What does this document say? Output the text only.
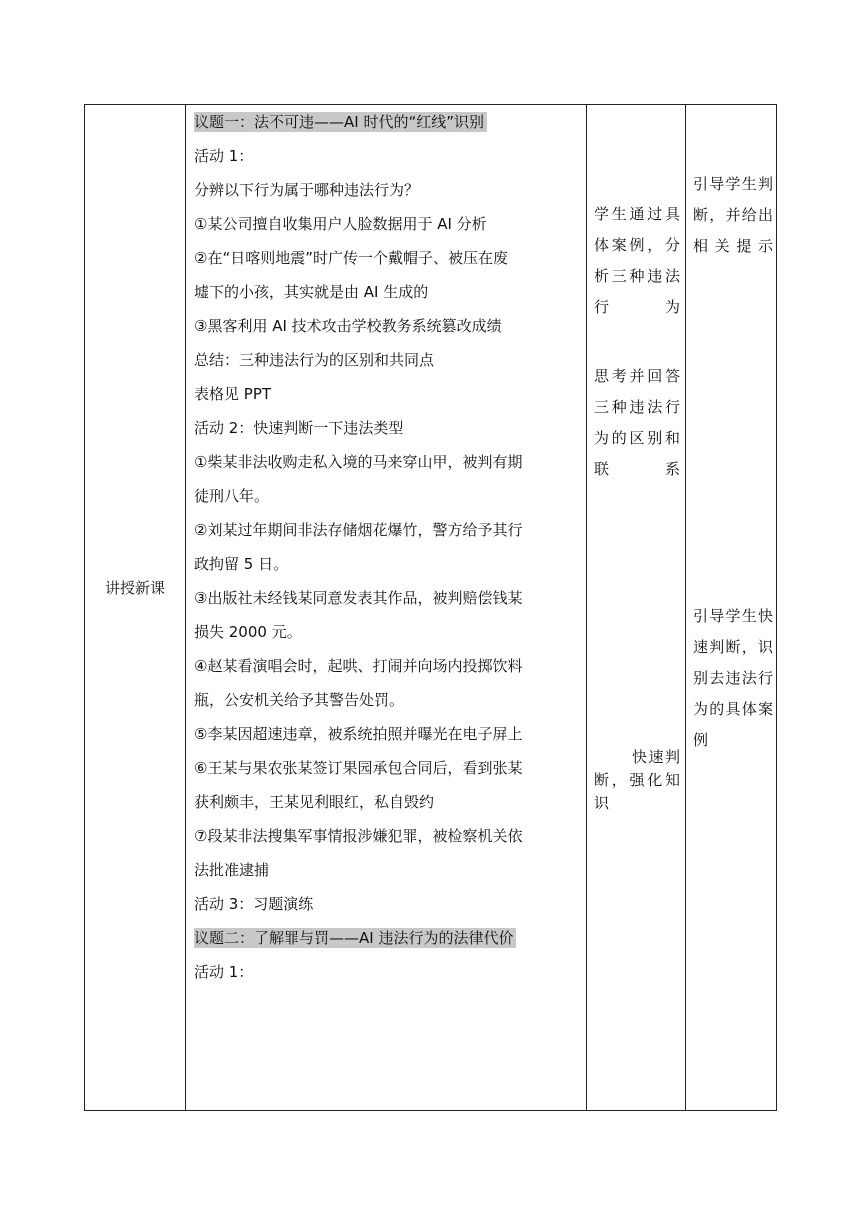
讲授新课
议题一：法不可违——AI 时代的“红线”识别
活动 1：
分辨以下行为属于哪种违法行为？
①某公司擅自收集用户人脸数据用于 AI 分析
②在“日喀则地震”时广传一个戴帽子、被压在废
墟下的小孩，其实就是由 AI 生成的
③黑客利用 AI 技术攻击学校教务系统篡改成绩
总结：三种违法行为的区别和共同点
表格见 PPT
活动 2：快速判断一下违法类型
①柴某非法收购走私入境的马来穿山甲，被判有期
徒刑八年。
②刘某过年期间非法存储烟花爆竹，警方给予其行
政拘留 5 日。
③出版社未经钱某同意发表其作品，被判赔偿钱某
损失 2000 元。
④赵某看演唱会时，起哄、打闹并向场内投掷饮料
瓶，公安机关给予其警告处罚。
⑤李某因超速违章，被系统拍照并曝光在电子屏上
⑥王某与果农张某签订果园承包合同后，看到张某
获利颇丰，王某见利眼红，私自毁约
⑦段某非法搜集军事情报涉嫌犯罪，被检察机关依
法批准逮捕
活动 3：习题演练
议题二：了解罪与罚——AI 违法行为的法律代价
活动 1：
学生通过具体案例，分析三种违法行为
思考并回答三种违法行为的区别和联系
快速判断，强化知识
引导学生判断，并给出相关提示
引导学生快速判断，识别去违法行为的具体案例
